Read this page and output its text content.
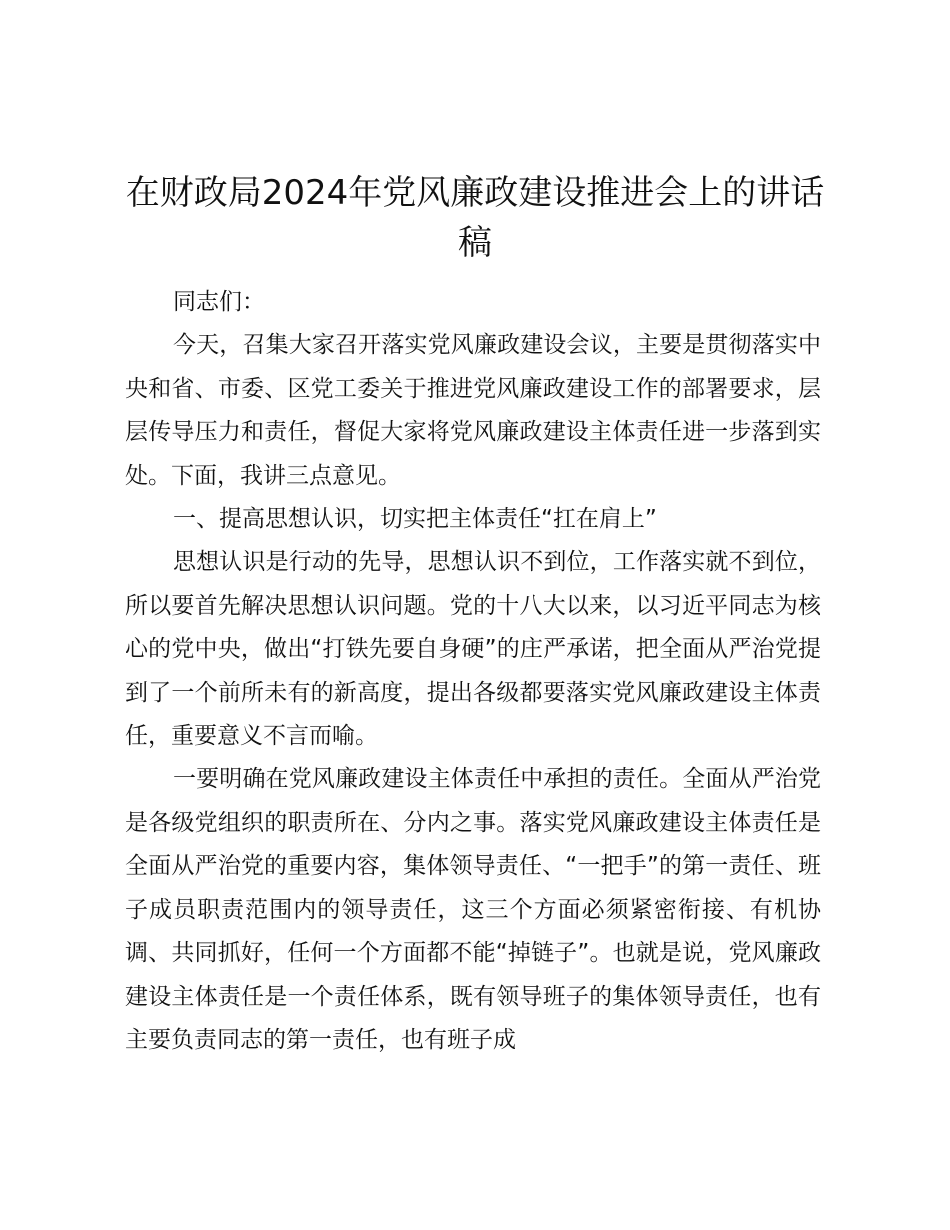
在财政局2024年党风廉政建设推进会上的讲话稿

同志们：

今天，召集大家召开落实党风廉政建设会议，主要是贯彻落实中央和省、市委、区党工委关于推进党风廉政建设工作的部署要求，层层传导压力和责任，督促大家将党风廉政建设主体责任进一步落到实处。下面，我讲三点意见。

一、提高思想认识，切实把主体责任“扛在肩上”

思想认识是行动的先导，思想认识不到位，工作落实就不到位，所以要首先解决思想认识问题。党的十八大以来，以习近平同志为核心的党中央，做出“打铁先要自身硬”的庄严承诺，把全面从严治党提到了一个前所未有的新高度，提出各级都要落实党风廉政建设主体责任，重要意义不言而喻。

一要明确在党风廉政建设主体责任中承担的责任。全面从严治党是各级党组织的职责所在、分内之事。落实党风廉政建设主体责任是全面从严治党的重要内容，集体领导责任、“一把手”的第一责任、班子成员职责范围内的领导责任，这三个方面必须紧密衔接、有机协调、共同抓好，任何一个方面都不能“掉链子”。也就是说，党风廉政建设主体责任是一个责任体系，既有领导班子的集体领导责任，也有主要负责同志的第一责任，也有班子成
